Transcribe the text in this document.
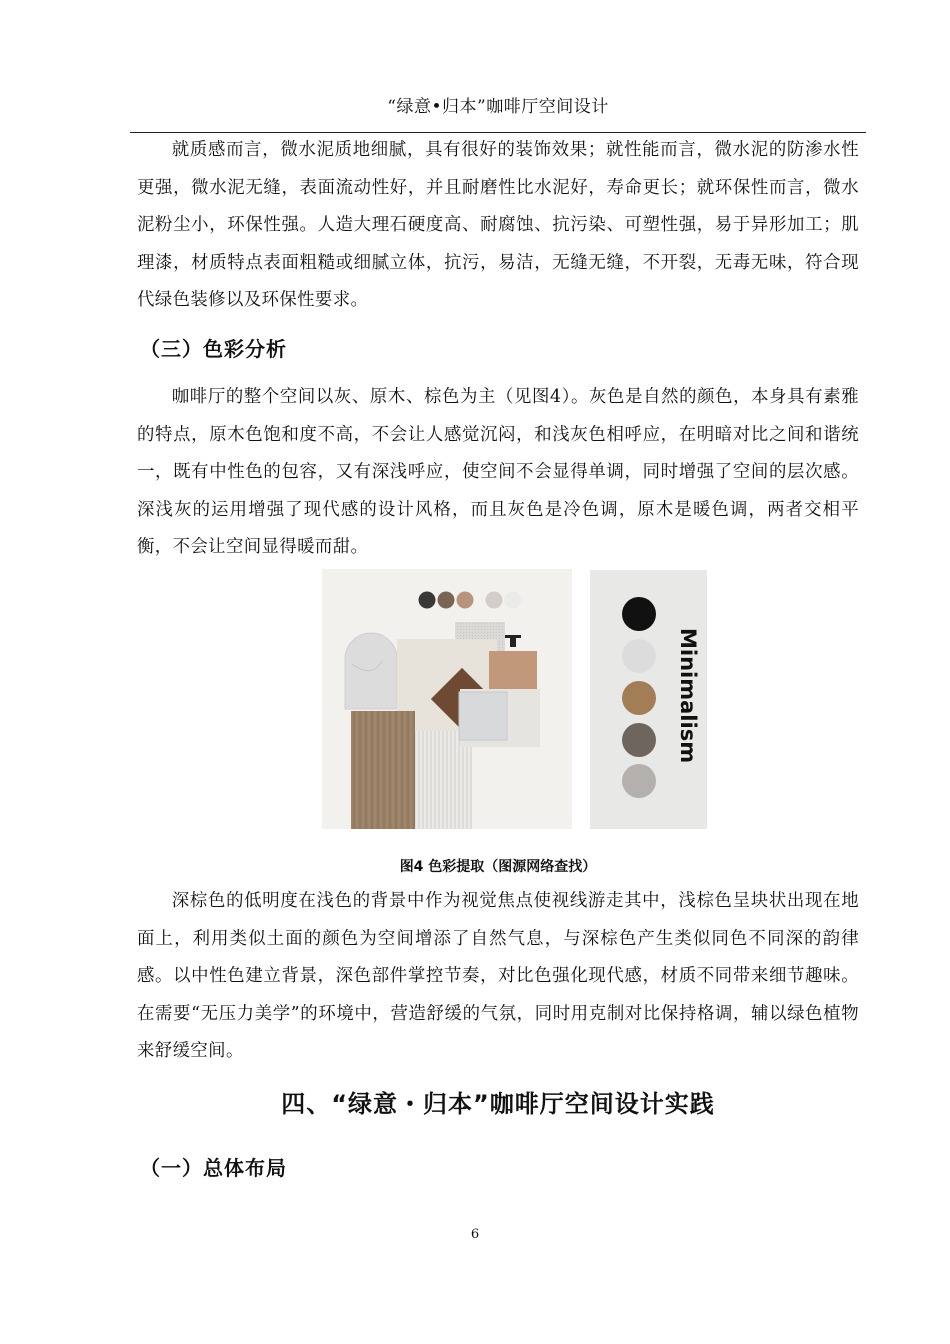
“绿意•归本”咖啡厅空间设计

就质感而言，微水泥质地细腻，具有很好的装饰效果；就性能而言，微水泥的防渗水性更强，微水泥无缝，表面流动性好，并且耐磨性比水泥好，寿命更长；就环保性而言，微水泥粉尘小，环保性强。人造大理石硬度高、耐腐蚀、抗污染、可塑性强，易于异形加工；肌理漆，材质特点表面粗糙或细腻立体，抗污，易洁，无缝无缝，不开裂，无毒无味，符合现代绿色装修以及环保性要求。

（三）色彩分析

咖啡厅的整个空间以灰、原木、棕色为主（见图4）。灰色是自然的颜色，本身具有素雅的特点，原木色饱和度不高，不会让人感觉沉闷，和浅灰色相呼应，在明暗对比之间和谐统一，既有中性色的包容，又有深浅呼应，使空间不会显得单调，同时增强了空间的层次感。深浅灰的运用增强了现代感的设计风格，而且灰色是冷色调，原木是暖色调，两者交相平衡，不会让空间显得暖而甜。

Minimalism
图4 色彩提取（图源网络查找）

深棕色的低明度在浅色的背景中作为视觉焦点使视线游走其中，浅棕色呈块状出现在地面上，利用类似土面的颜色为空间增添了自然气息，与深棕色产生类似同色不同深的韵律感。以中性色建立背景，深色部件掌控节奏，对比色强化现代感，材质不同带来细节趣味。在需要“无压力美学”的环境中，营造舒缓的气氛，同时用克制对比保持格调，辅以绿色植物来舒缓空间。

四、“绿意・归本”咖啡厅空间设计实践
（一）总体布局
6
